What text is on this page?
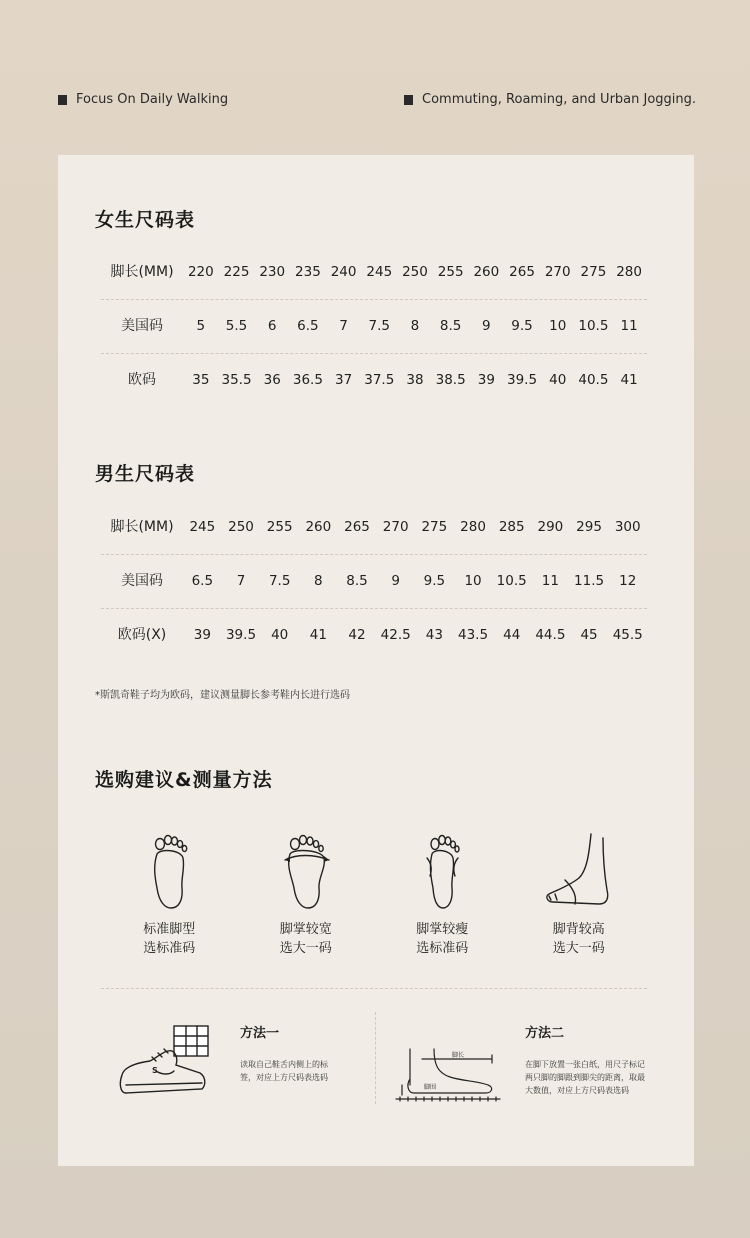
Focus On Daily Walking	Commuting, Roaming, and Urban Jogging.
女生尺码表
脚长(MM)	220 225 230 235 240 245 250 255 260 265 270 275 280
美国码	5	5.5	6	6.5	7	7.5	8	8.5	9	9.5	10 10.5 11
欧码	35 35.5 36 36.5 37 37.5 38 38.5 39 39.5 40 40.5 41
男生尺码表
脚长(MM)	245 250 255 260 265 270 275 280 285 290 295 300
美国码	6.5	7	7.5	8	8.5	9	9.5	10	10.5	11	11.5	12
欧码(X)	39	39.5	40	41	42	42.5	43	43.5	44	44.5	45	45.5
*斯凯奇鞋子均为欧码，建议测量脚长参考鞋内长进行选码
选购建议&测量方法
标准脚型
选标准码
脚掌较宽
选大一码
脚掌较瘦
选标准码
脚背较高
选大一码
S
方法一
读取自己鞋舌内侧上的标
签，对应上方尺码表选码
脚长
脚围
方法二
在脚下放置一张白纸，用尺子标记
两只脚的脚跟到脚尖的距离，取最
大数值，对应上方尺码表选码
